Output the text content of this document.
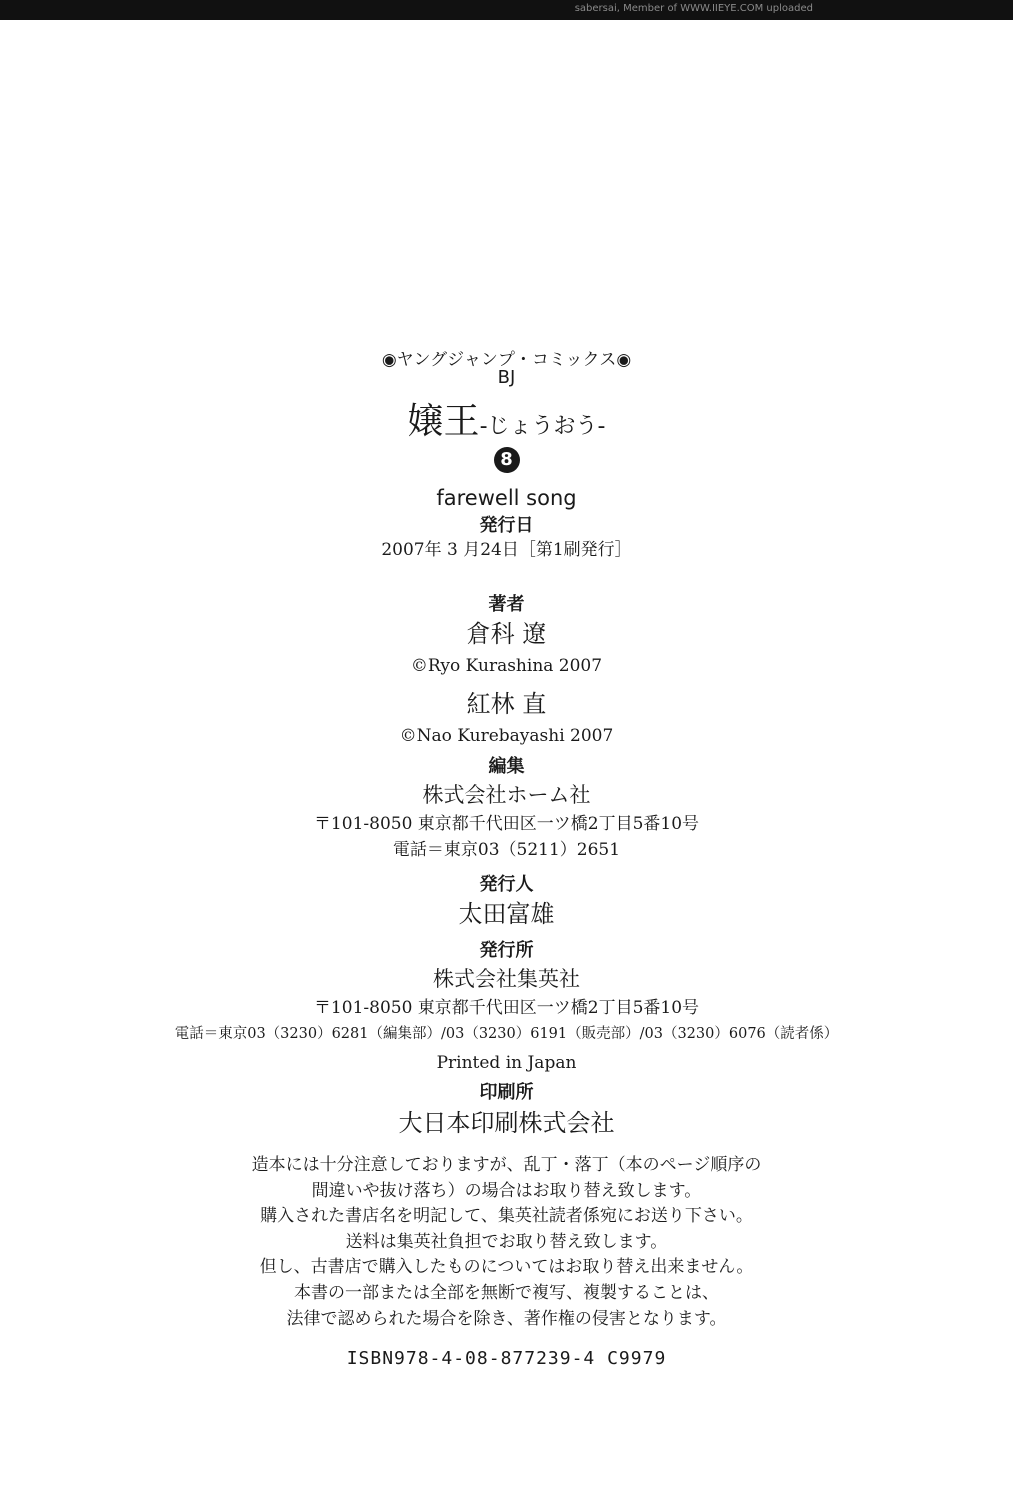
sabersai, Member of WWW.IIEYE.COM uploaded
◉ヤングジャンプ・コミックス◉
BJ
嬢王-じょうおう-
8
farewell song
発行日
2007年 3 月24日［第1刷発行］
著者
倉科 遼
©Ryo Kurashina 2007
紅林 直
©Nao Kurebayashi 2007
編集
株式会社ホーム社
〒101-8050 東京都千代田区一ツ橋2丁目5番10号
電話＝東京03（5211）2651
発行人
太田富雄
発行所
株式会社集英社
〒101-8050 東京都千代田区一ツ橋2丁目5番10号
電話＝東京03（3230）6281（編集部）/03（3230）6191（販売部）/03（3230）6076（読者係）
Printed in Japan
印刷所
大日本印刷株式会社
造本には十分注意しておりますが、乱丁・落丁（本のページ順序の
間違いや抜け落ち）の場合はお取り替え致します。
購入された書店名を明記して、集英社読者係宛にお送り下さい。
送料は集英社負担でお取り替え致します。
但し、古書店で購入したものについてはお取り替え出来ません。
本書の一部または全部を無断で複写、複製することは、
法律で認められた場合を除き、著作権の侵害となります。
ISBN978-4-08-877239-4 C9979
